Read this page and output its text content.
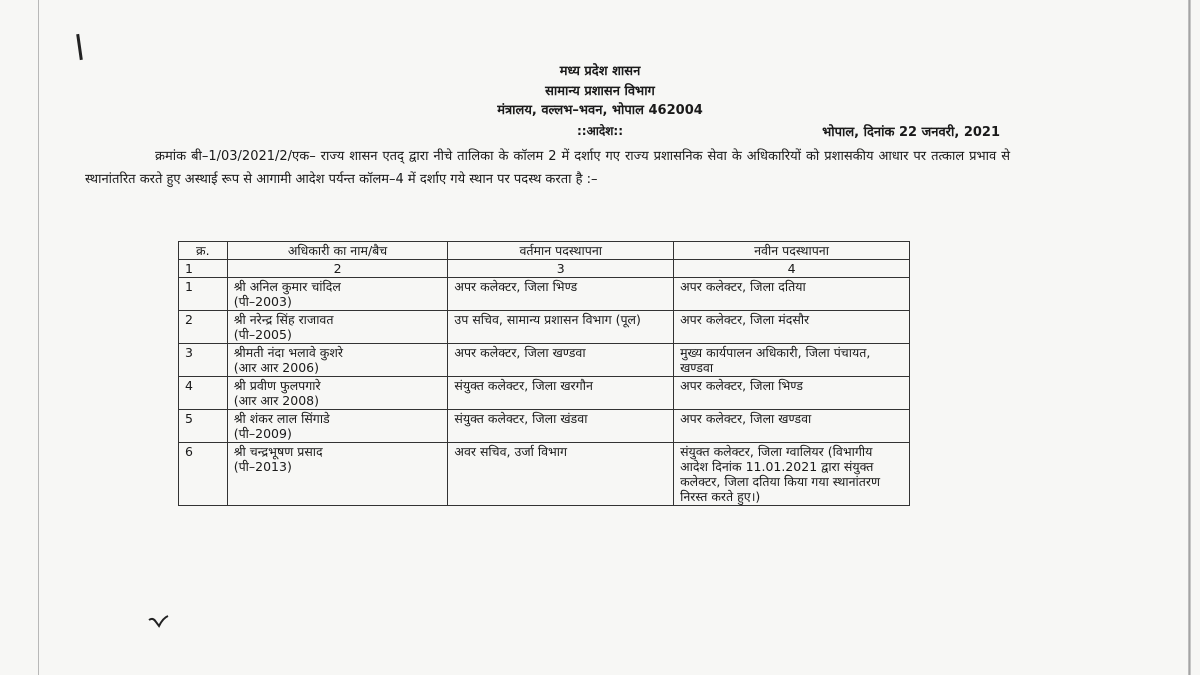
मध्य प्रदेश शासन
सामान्य प्रशासन विभाग
मंत्रालय, वल्लभ–भवन, भोपाल 462004
::आदेश::	भोपाल, दिनांक 22 जनवरी, 2021
क्रमांक बी–1/03/2021/2/एक– राज्य शासन एतद् द्वारा नीचे तालिका के कॉलम 2 में दर्शाए गए राज्य प्रशासनिक सेवा के अधिकारियों को प्रशासकीय आधार पर तत्काल प्रभाव से स्थानांतरित करते हुए अस्थाई रूप से आगामी आदेश पर्यन्त कॉलम–4 में दर्शाए गये स्थान पर पदस्थ करता है :–
क्र.	अधिकारी का नाम/बैच	वर्तमान पदस्थापना	नवीन पदस्थापना
1	2	3	4
1	श्री अनिल कुमार चांदिल
(पी–2003)	अपर कलेक्टर, जिला भिण्ड	अपर कलेक्टर, जिला दतिया
2	श्री नरेन्द्र सिंह राजावत
(पी–2005)	उप सचिव, सामान्य प्रशासन विभाग (पूल)	अपर कलेक्टर, जिला मंदसौर
3	श्रीमती नंदा भलावे कुशरे
(आर आर 2006)	अपर कलेक्टर, जिला खण्डवा	मुख्य कार्यपालन अधिकारी, जिला पंचायत, खण्डवा
4	श्री प्रवीण फुलपगारे
(आर आर 2008)	संयुक्त कलेक्टर, जिला खरगौन	अपर कलेक्टर, जिला भिण्ड
5	श्री शंकर लाल सिंगाडे
(पी–2009)	संयुक्त कलेक्टर, जिला खंडवा	अपर कलेक्टर, जिला खण्डवा
6	श्री चन्द्रभूषण प्रसाद
(पी–2013)	अवर सचिव, उर्जा विभाग	संयुक्त कलेक्टर, जिला ग्वालियर (विभागीय आदेश दिनांक 11.01.2021 द्वारा संयुक्त कलेक्टर, जिला दतिया किया गया स्थानांतरण निरस्त करते हुए।)
